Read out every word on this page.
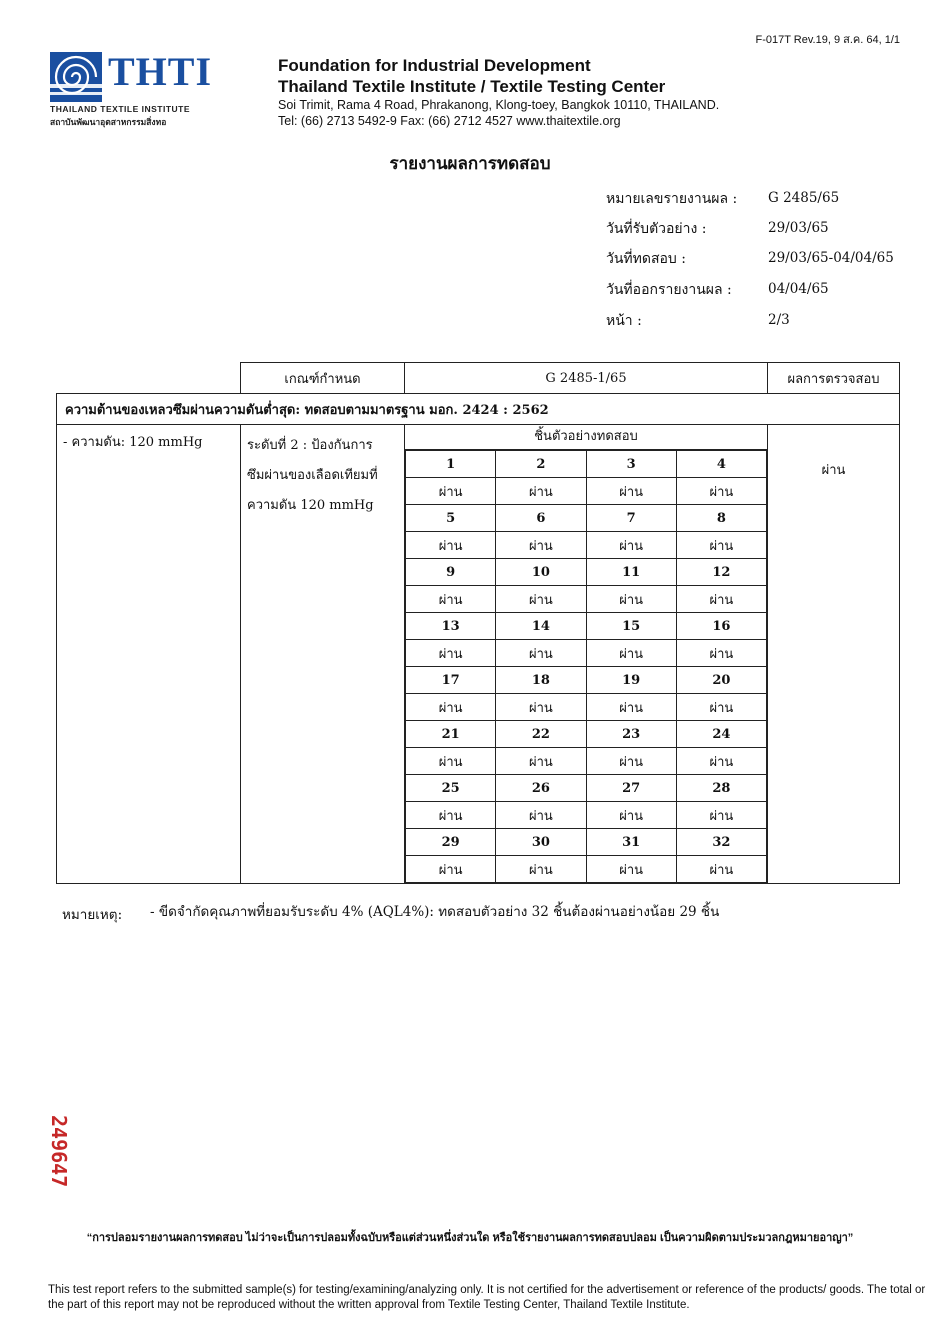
F-017T Rev.19, 9 ส.ค. 64, 1/1
THTI
THAILAND TEXTILE INSTITUTE
สถาบันพัฒนาอุตสาหกรรมสิ่งทอ
Foundation for Industrial Development
Thailand Textile Institute / Textile Testing Center
Soi Trimit, Rama 4 Road, Phrakanong, Klong-toey, Bangkok 10110, THAILAND.
Tel: (66) 2713 5492-9 Fax: (66) 2712 4527 www.thaitextile.org
รายงานผลการทดสอบ
หมายเลขรายงานผล : G 2485/65
วันที่รับตัวอย่าง :	29/03/65
วันที่ทดสอบ :	29/03/65-04/04/65
วันที่ออกรายงานผล :	04/04/65
หน้า :	2/3
	เกณฑ์กำหนด	G 2485-1/65	ผลการตรวจสอบ
ความต้านของเหลวซึมผ่านความดันต่ำสุด: ทดสอบตามมาตรฐาน มอก. 2424 : 2562
- ความดัน: 120 mmHg	ระดับที่ 2 : ป้องกันการ
ซึมผ่านของเลือดเทียมที่
ความดัน 120 mmHg

ชิ้นตัวอย่างทดสอบ
1	2	3	4
ผ่าน	ผ่าน	ผ่าน	ผ่าน
5	6	7	8
ผ่าน	ผ่าน	ผ่าน	ผ่าน
9	10	11	12
ผ่าน	ผ่าน	ผ่าน	ผ่าน
13	14	15	16
ผ่าน	ผ่าน	ผ่าน	ผ่าน
17	18	19	20
ผ่าน	ผ่าน	ผ่าน	ผ่าน
21	22	23	24
ผ่าน	ผ่าน	ผ่าน	ผ่าน
25	26	27	28
ผ่าน	ผ่าน	ผ่าน	ผ่าน
29	30	31	32
ผ่าน	ผ่าน	ผ่าน	ผ่าน
	ผ่าน
หมายเหตุ: - ขีดจำกัดคุณภาพที่ยอมรับระดับ 4% (AQL4%): ทดสอบตัวอย่าง 32 ชิ้นต้องผ่านอย่างน้อย 29 ชิ้น
249647
“การปลอมรายงานผลการทดสอบ ไม่ว่าจะเป็นการปลอมทั้งฉบับหรือแต่ส่วนหนึ่งส่วนใด หรือใช้รายงานผลการทดสอบปลอม เป็นความผิดตามประมวลกฎหมายอาญา”
This test report refers to the submitted sample(s) for testing/examining/analyzing only. It is not certified for the advertisement or reference of the products/ goods. The total or the part of this report may not be reproduced without the written approval from Textile Testing Center, Thailand Textile Institute.
